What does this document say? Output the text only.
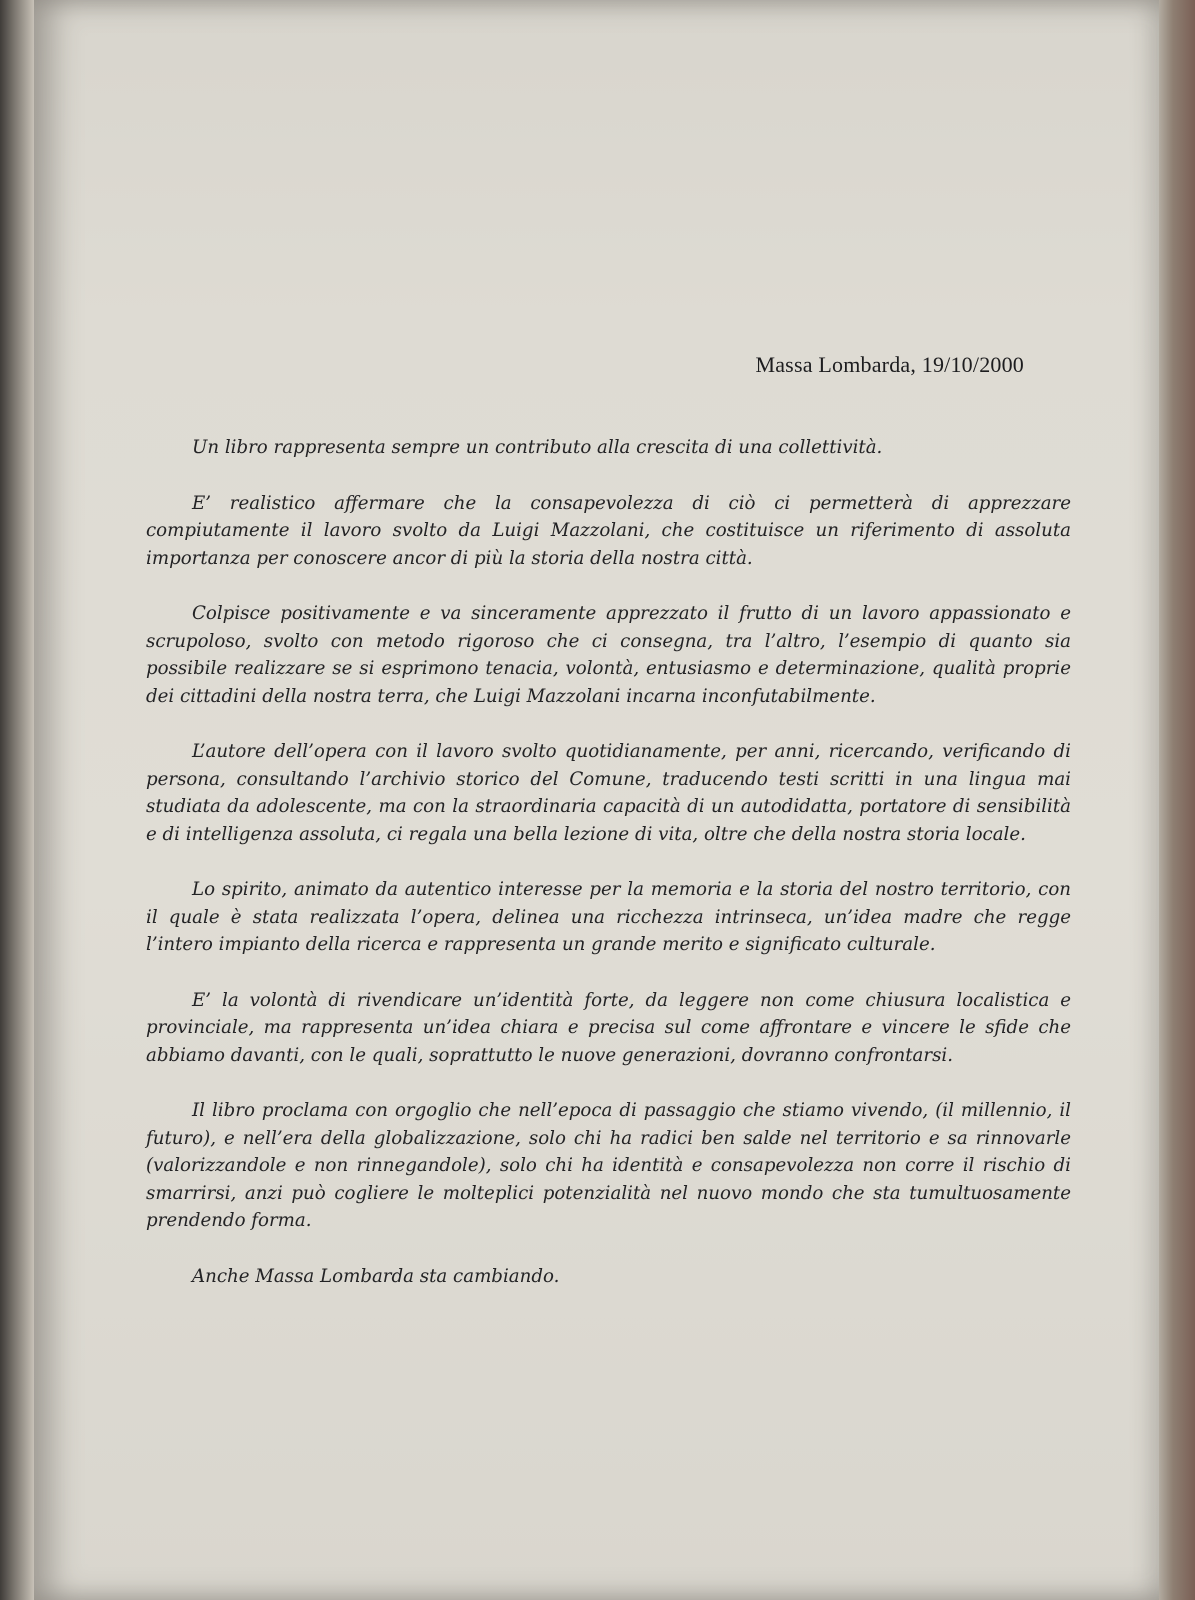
Massa Lombarda, 19/10/2000

Un libro rappresenta sempre un contributo alla crescita di una collettività.

E’ realistico affermare che la consapevolezza di ciò ci permetterà di apprezzare compiutamente il lavoro svolto da Luigi Mazzolani, che costituisce un riferimento di assoluta importanza per conoscere ancor di più la storia della nostra città.

Colpisce positivamente e va sinceramente apprezzato il frutto di un lavoro appassionato e scrupoloso, svolto con metodo rigoroso che ci consegna, tra l’altro, l’esempio di quanto sia possibile realizzare se si esprimono tenacia, volontà, entusiasmo e determinazione, qualità proprie dei cittadini della nostra terra, che Luigi Mazzolani incarna inconfutabilmente.

L’autore dell’opera con il lavoro svolto quotidianamente, per anni, ricercando, verificando di persona, consultando l’archivio storico del Comune, traducendo testi scritti in una lingua mai studiata da adolescente, ma con la straordinaria capacità di un autodidatta, portatore di sensibilità e di intelligenza assoluta, ci regala una bella lezione di vita, oltre che della nostra storia locale.

Lo spirito, animato da autentico interesse per la memoria e la storia del nostro territorio, con il quale è stata realizzata l’opera, delinea una ricchezza intrinseca, un’idea madre che regge l’intero impianto della ricerca e rappresenta un grande merito e significato culturale.

E’ la volontà di rivendicare un’identità forte, da leggere non come chiusura localistica e provinciale, ma rappresenta un’idea chiara e precisa sul come affrontare e vincere le sfide che abbiamo davanti, con le quali, soprattutto le nuove generazioni, dovranno confrontarsi.

Il libro proclama con orgoglio che nell’epoca di passaggio che stiamo vivendo, (il millennio, il futuro), e nell’era della globalizzazione, solo chi ha radici ben salde nel territorio e sa rinnovarle (valorizzandole e non rinnegandole), solo chi ha identità e consapevolezza non corre il rischio di smarrirsi, anzi può cogliere le molteplici potenzialità nel nuovo mondo che sta tumultuosamente prendendo forma.

Anche Massa Lombarda sta cambiando.
